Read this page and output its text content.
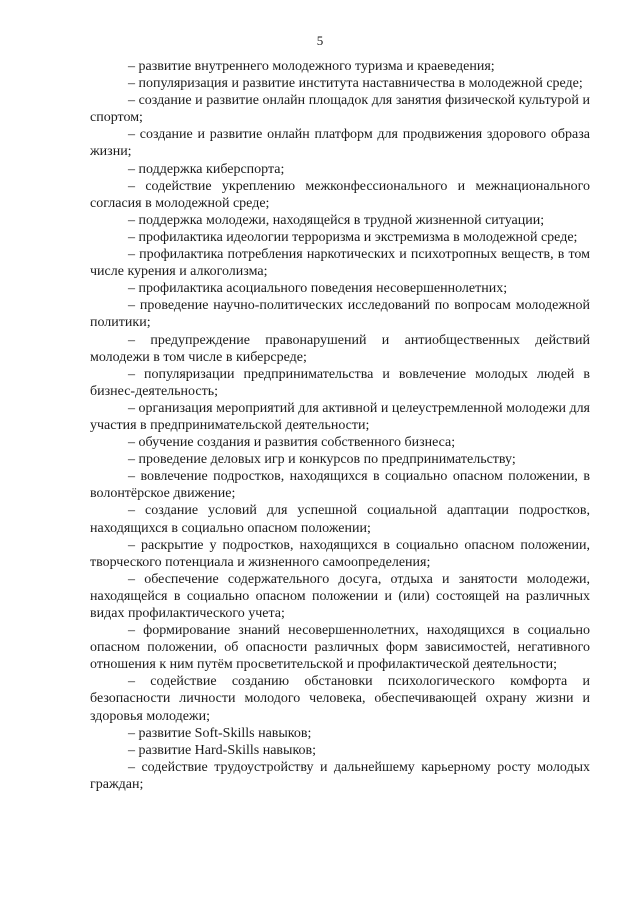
5

– развитие внутреннего молодежного туризма и краеведения;

– популяризация и развитие института наставничества в молодежной среде;

– создание и развитие онлайн площадок для занятия физической культурой и спортом;

– создание и развитие онлайн платформ для продвижения здорового образа жизни;

– поддержка киберспорта;

– содействие укреплению межконфессионального и межнационального согласия в молодежной среде;

– поддержка молодежи, находящейся в трудной жизненной ситуации;

– профилактика идеологии терроризма и экстремизма в молодежной среде;

– профилактика потребления наркотических и психотропных веществ, в том числе курения и алкоголизма;

– профилактика асоциального поведения несовершеннолетних;

– проведение научно-политических исследований по вопросам молодежной политики;

– предупреждение правонарушений и антиобщественных действий молодежи в том числе в киберсреде;

– популяризации предпринимательства и вовлечение молодых людей в бизнес-деятельность;

– организация мероприятий для активной и целеустремленной молодежи для участия в предпринимательской деятельности;

– обучение создания и развития собственного бизнеса;

– проведение деловых игр и конкурсов по предпринимательству;

– вовлечение подростков, находящихся в социально опасном положении, в волонтёрское движение;

– создание условий для успешной социальной адаптации подростков, находящихся в социально опасном положении;

– раскрытие у подростков, находящихся в социально опасном положении, творческого потенциала и жизненного самоопределения;

– обеспечение содержательного досуга, отдыха и занятости молодежи, находящейся в социально опасном положении и (или) состоящей на различных видах профилактического учета;

– формирование знаний несовершеннолетних, находящихся в социально опасном положении, об опасности различных форм зависимостей, негативного отношения к ним путём просветительской и профилактической деятельности;

– содействие созданию обстановки психологического комфорта и безопасности личности молодого человека, обеспечивающей охрану жизни и здоровья молодежи;

– развитие Soft-Skills навыков;

– развитие Hard-Skills навыков;

– содействие трудоустройству и дальнейшему карьерному росту молодых граждан;
